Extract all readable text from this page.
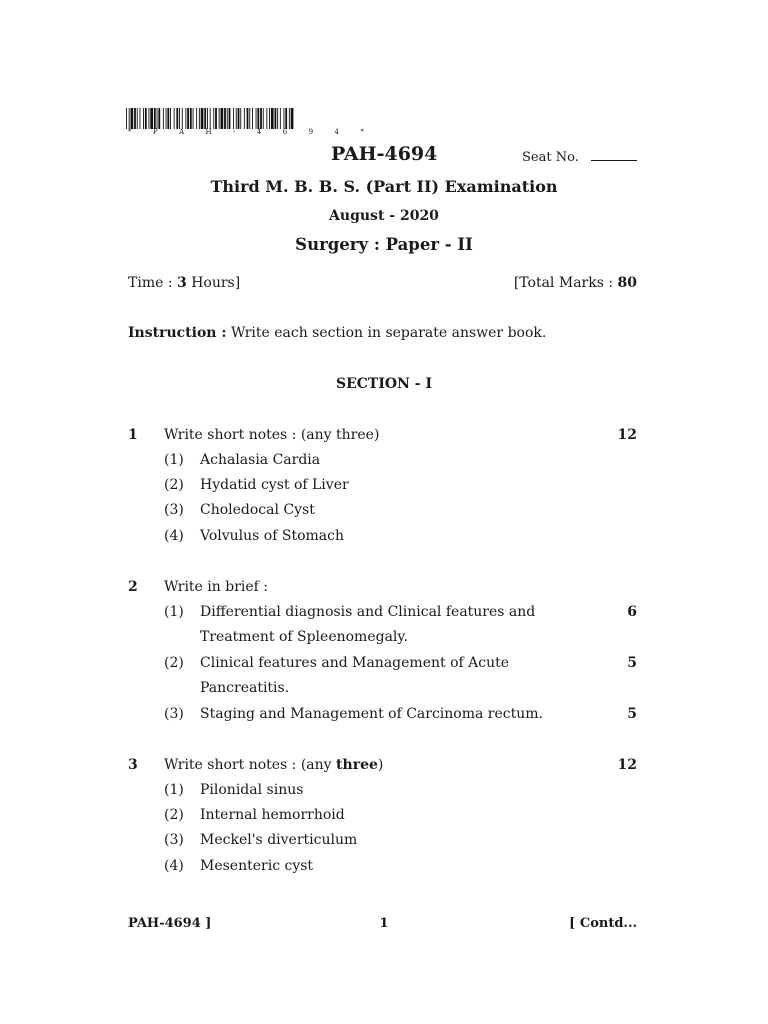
* P A H - 4 6 9 4 *
PAH-4694	Seat No.
Third M. B. B. S. (Part II) Examination
August - 2020
Surgery : Paper - II
Time : 3 Hours]	[Total Marks : 80
Instruction : Write each section in separate answer book.
SECTION - I
1 Write short notes : (any three)	12
(1) Achalasia Cardia
(2) Hydatid cyst of Liver
(3) Choledocal Cyst
(4) Volvulus of Stomach
2 Write in brief :
(1) Differential diagnosis and Clinical features and	6
Treatment of Spleenomegaly.
(2) Clinical features and Management of Acute	5
Pancreatitis.
(3) Staging and Management of Carcinoma rectum.	5
3 Write short notes : (any three)	12
(1) Pilonidal sinus
(2) Internal hemorrhoid
(3) Meckel's diverticulum
(4) Mesenteric cyst
PAH-4694 ]	1	[ Contd...
